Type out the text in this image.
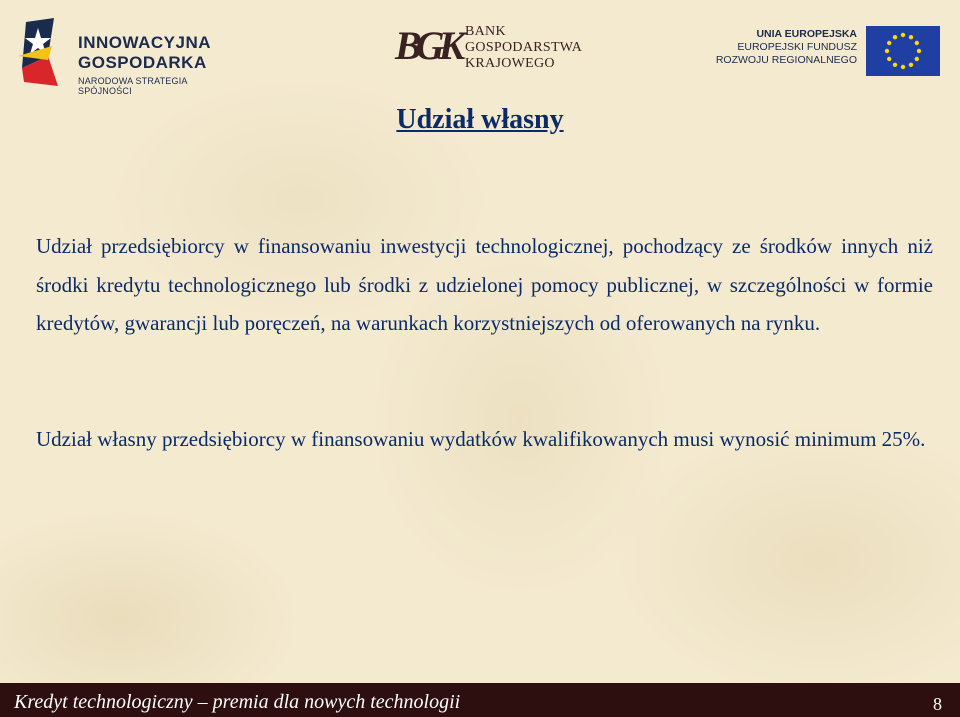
INNOWACYJNA
GOSPODARKA
NARODOWA STRATEGIA SPÓJNOŚCI
BGK BANK
GOSPODARSTWA
KRAJOWEGO
UNIA EUROPEJSKA
EUROPEJSKI FUNDUSZ
ROZWOJU REGIONALNEGO
Udział własny
Udział przedsiębiorcy w finansowaniu inwestycji technologicznej, pochodzący ze środków innych niż środki kredytu technologicznego lub środki z udzielonej pomocy publicznej, w szczególności w formie kredytów, gwarancji lub poręczeń, na warunkach korzystniejszych od oferowanych na rynku.
Udział własny przedsiębiorcy w finansowaniu wydatków kwalifikowanych musi wynosić minimum 25%.
Kredyt technologiczny – premia dla nowych technologii	8
